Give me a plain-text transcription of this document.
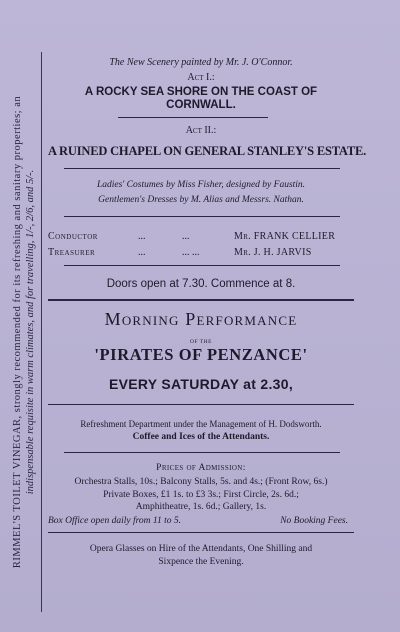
RIMMEL'S TOILET VINEGAR, strongly recommended for its refreshing and sanitary properties; an indispensable requisite in warm climates, and for travelling, 1/-, 2/6, and 5/-.
The New Scenery painted by Mr. J. O'Connor.
Act I.:
A ROCKY SEA SHORE ON THE COAST OF CORNWALL.
Act II.:
A RUINED CHAPEL ON GENERAL STANLEY'S ESTATE.
Ladies' Costumes by Miss Fisher, designed by Faustin.
Gentlemen's Dresses by M. Alias and Messrs. Nathan.
Conductor	...	...	Mr. FRANK CELLIER
Treasurer	...	... ...	Mr. J. H. JARVIS
Doors open at 7.30. Commence at 8.
Morning Performance
OF THE
'PIRATES OF PENZANCE'
EVERY SATURDAY at 2.30,
Refreshment Department under the Management of H. Dodsworth.
Coffee and Ices of the Attendants.
Prices of Admission:
Orchestra Stalls, 10s.; Balcony Stalls, 5s. and 4s.; (Front Row, 6s.)
Private Boxes, £1 1s. to £3 3s.; First Circle, 2s. 6d.;
Amphitheatre, 1s. 6d.; Gallery, 1s.
Box Office open daily from 11 to 5.	No Booking Fees.
Opera Glasses on Hire of the Attendants, One Shilling and
Sixpence the Evening.
